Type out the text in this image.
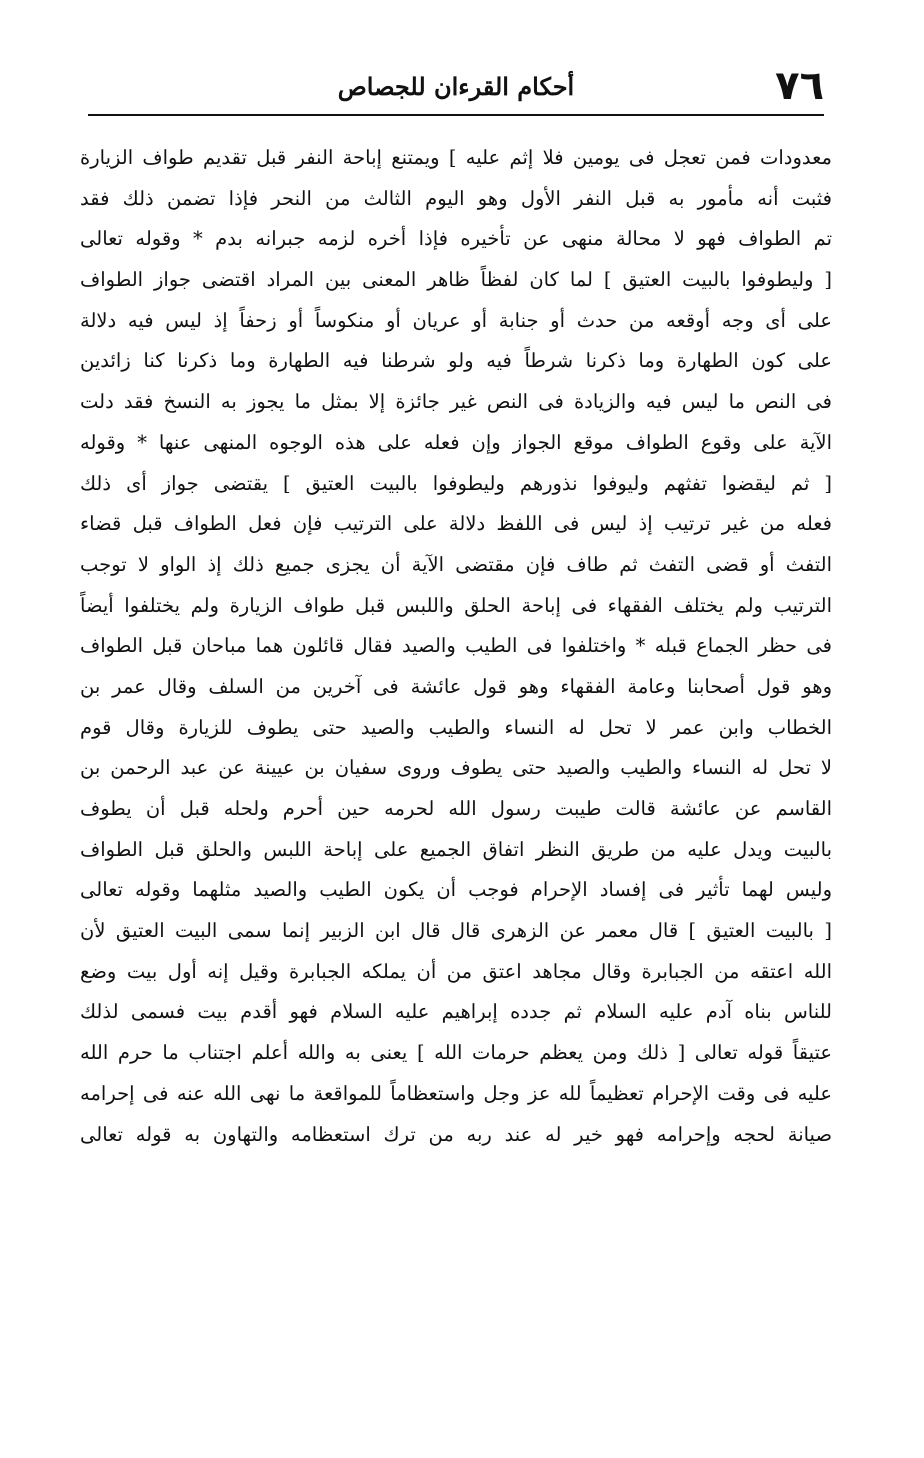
٧٦
أحكام القرءان للجصاص
معدودات فمن تعجل فى يومين فلا إثم عليه ] ويمتنع إباحة النفر قبل تقديم طواف الزيارة
فثبت أنه مأمور به قبل النفر الأول وهو اليوم الثالث من النحر فإذا تضمن ذلك فقد
تم الطواف فهو لا محالة منهى عن تأخيره فإذا أخره لزمه جبرانه بدم * وقوله تعالى
[ وليطوفوا بالبيت العتيق ] لما كان لفظاً ظاهر المعنى بين المراد اقتضى جواز الطواف
على أى وجه أوقعه من حدث أو جنابة أو عريان أو منكوساً أو زحفاً إذ ليس فيه دلالة
على كون الطهارة وما ذكرنا شرطاً فيه ولو شرطنا فيه الطهارة وما ذكرنا كنا زائدين
فى النص ما ليس فيه والزيادة فى النص غير جائزة إلا بمثل ما يجوز به النسخ فقد دلت
الآية على وقوع الطواف موقع الجواز وإن فعله على هذه الوجوه المنهى عنها * وقوله
[ ثم ليقضوا تفثهم وليوفوا نذورهم وليطوفوا بالبيت العتيق ] يقتضى جواز أى ذلك
فعله من غير ترتيب إذ ليس فى اللفظ دلالة على الترتيب فإن فعل الطواف قبل قضاء
التفث أو قضى التفث ثم طاف فإن مقتضى الآية أن يجزى جميع ذلك إذ الواو لا توجب
الترتيب ولم يختلف الفقهاء فى إباحة الحلق واللبس قبل طواف الزيارة ولم يختلفوا أيضاً
فى حظر الجماع قبله * واختلفوا فى الطيب والصيد فقال قائلون هما مباحان قبل الطواف
وهو قول أصحابنا وعامة الفقهاء وهو قول عائشة فى آخرين من السلف وقال عمر بن
الخطاب وابن عمر لا تحل له النساء والطيب والصيد حتى يطوف للزيارة وقال قوم
لا تحل له النساء والطيب والصيد حتى يطوف وروى سفيان بن عيينة عن عبد الرحمن بن
القاسم عن عائشة قالت طيبت رسول الله لحرمه حين أحرم ولحله قبل أن يطوف
بالبيت ويدل عليه من طريق النظر اتفاق الجميع على إباحة اللبس والحلق قبل الطواف
وليس لهما تأثير فى إفساد الإحرام فوجب أن يكون الطيب والصيد مثلهما وقوله تعالى
[ بالبيت العتيق ] قال معمر عن الزهرى قال قال ابن الزبير إنما سمى البيت العتيق لأن
الله اعتقه من الجبابرة وقال مجاهد اعتق من أن يملكه الجبابرة وقيل إنه أول بيت وضع
للناس بناه آدم عليه السلام ثم جدده إبراهيم عليه السلام فهو أقدم بيت فسمى لذلك
عتيقاً قوله تعالى [ ذلك ومن يعظم حرمات الله ] يعنى به والله أعلم اجتناب ما حرم الله
عليه فى وقت الإحرام تعظيماً لله عز وجل واستعظاماً للمواقعة ما نهى الله عنه فى إحرامه
صيانة لحجه وإحرامه فهو خير له عند ربه من ترك استعظامه والتهاون به قوله تعالى
